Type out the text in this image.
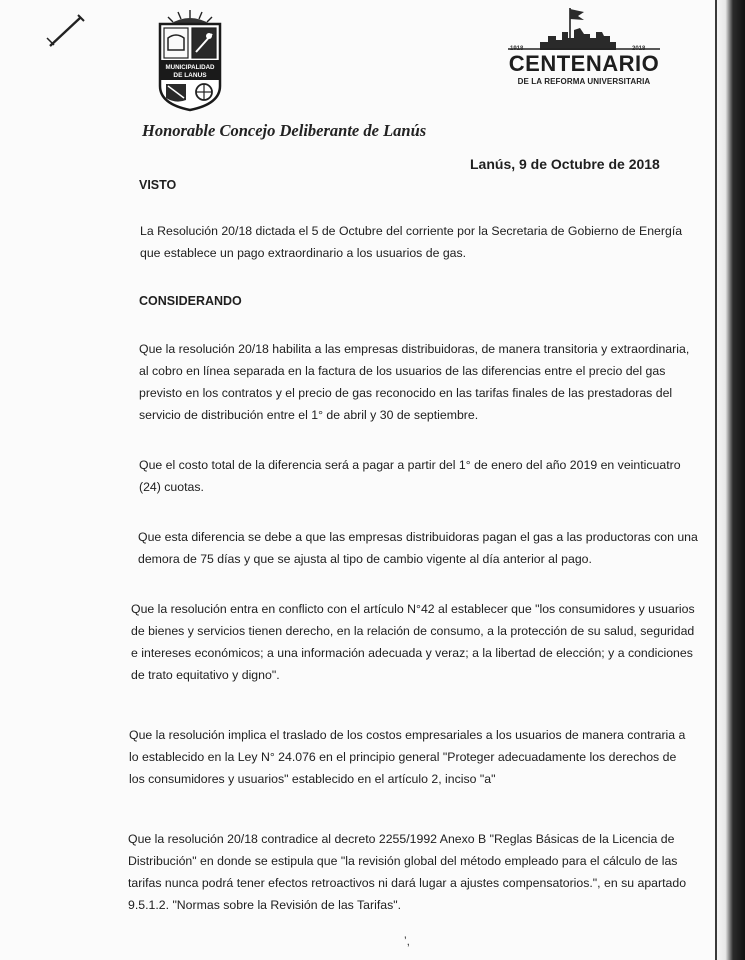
MUNICIPALIDAD
DE LANUS
1918	2018
CENTENARIO
DE LA REFORMA UNIVERSITARIA
Honorable Concejo Deliberante de Lanús
Lanús, 9 de Octubre de 2018
VISTO
La Resolución 20/18 dictada el 5 de Octubre del corriente por la Secretaria de Gobierno de Energía
que establece un pago extraordinario a los usuarios de gas.
CONSIDERANDO
Que la resolución 20/18 habilita a las empresas distribuidoras, de manera transitoria y extraordinaria,
al cobro en línea separada en la factura de los usuarios de las diferencias entre el precio del gas
previsto en los contratos y el precio de gas reconocido en las tarifas finales de las prestadoras del
servicio de distribución entre el 1° de abril y 30 de septiembre.
Que el costo total de la diferencia será a pagar a partir del 1° de enero del año 2019 en veinticuatro
(24) cuotas.
Que esta diferencia se debe a que las empresas distribuidoras pagan el gas a las productoras con una
demora de 75 días y que se ajusta al tipo de cambio vigente al día anterior al pago.
Que la resolución entra en conflicto con el artículo N°42 al establecer que "los consumidores y usuarios
de bienes y servicios tienen derecho, en la relación de consumo, a la protección de su salud, seguridad
e intereses económicos; a una información adecuada y veraz; a la libertad de elección; y a condiciones
de trato equitativo y digno".
Que la resolución implica el traslado de los costos empresariales a los usuarios de manera contraria a
lo establecido en la Ley N° 24.076 en el principio general "Proteger adecuadamente los derechos de
los consumidores y usuarios" establecido en el artículo 2, inciso "a"
Que la resolución 20/18 contradice al decreto 2255/1992 Anexo B "Reglas Básicas de la Licencia de
Distribución" en donde se estipula que "la revisión global del método empleado para el cálculo de las
tarifas nunca podrá tener efectos retroactivos ni dará lugar a ajustes compensatorios.", en su apartado
9.5.1.2. "Normas sobre la Revisión de las Tarifas".
’,
